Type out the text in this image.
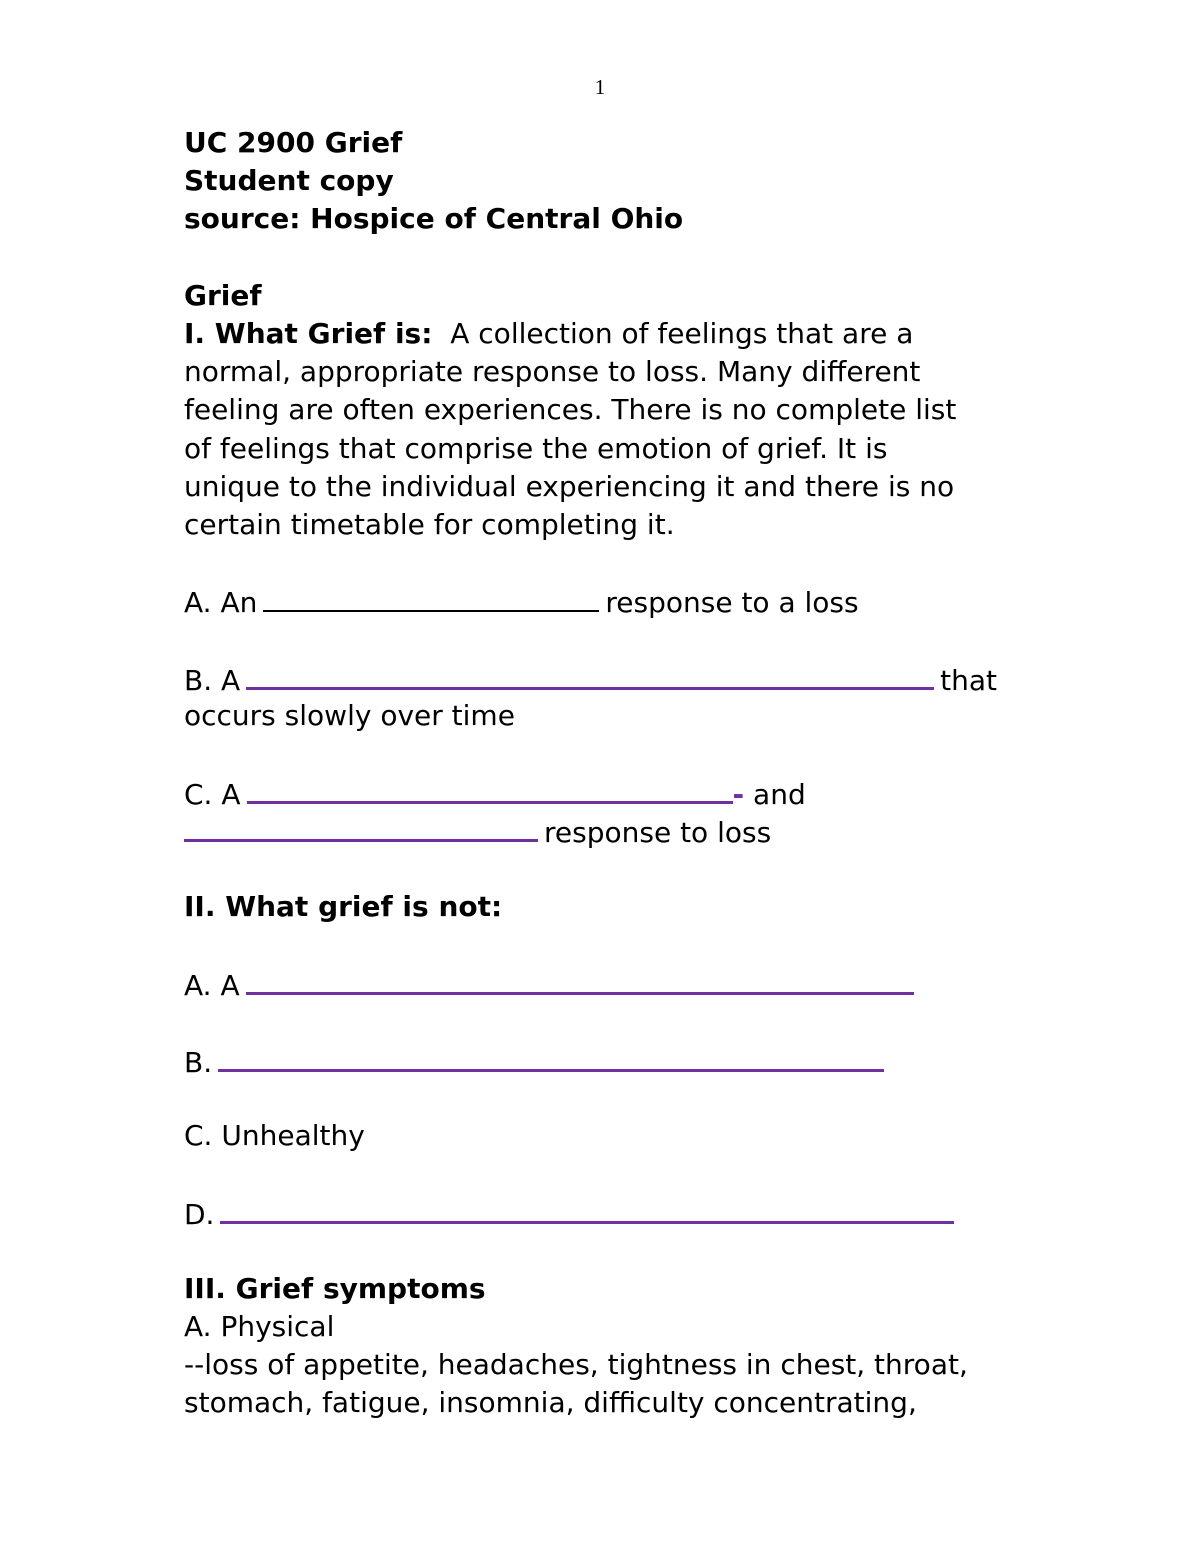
1
UC 2900 Grief
Student copy
source: Hospice of Central Ohio
Grief
I. What Grief is: A collection of feelings that are a
normal, appropriate response to loss. Many different
feeling are often experiences. There is no complete list
of feelings that comprise the emotion of grief. It is
unique to the individual experiencing it and there is no
certain timetable for completing it.
A. An	response to a loss
B. A	that
occurs slowly over time
C. A	- and
response to loss
II. What grief is not:
A. A
B.
C. Unhealthy
D.
III. Grief symptoms
A. Physical
--loss of appetite, headaches, tightness in chest, throat,
stomach, fatigue, insomnia, difficulty concentrating,
